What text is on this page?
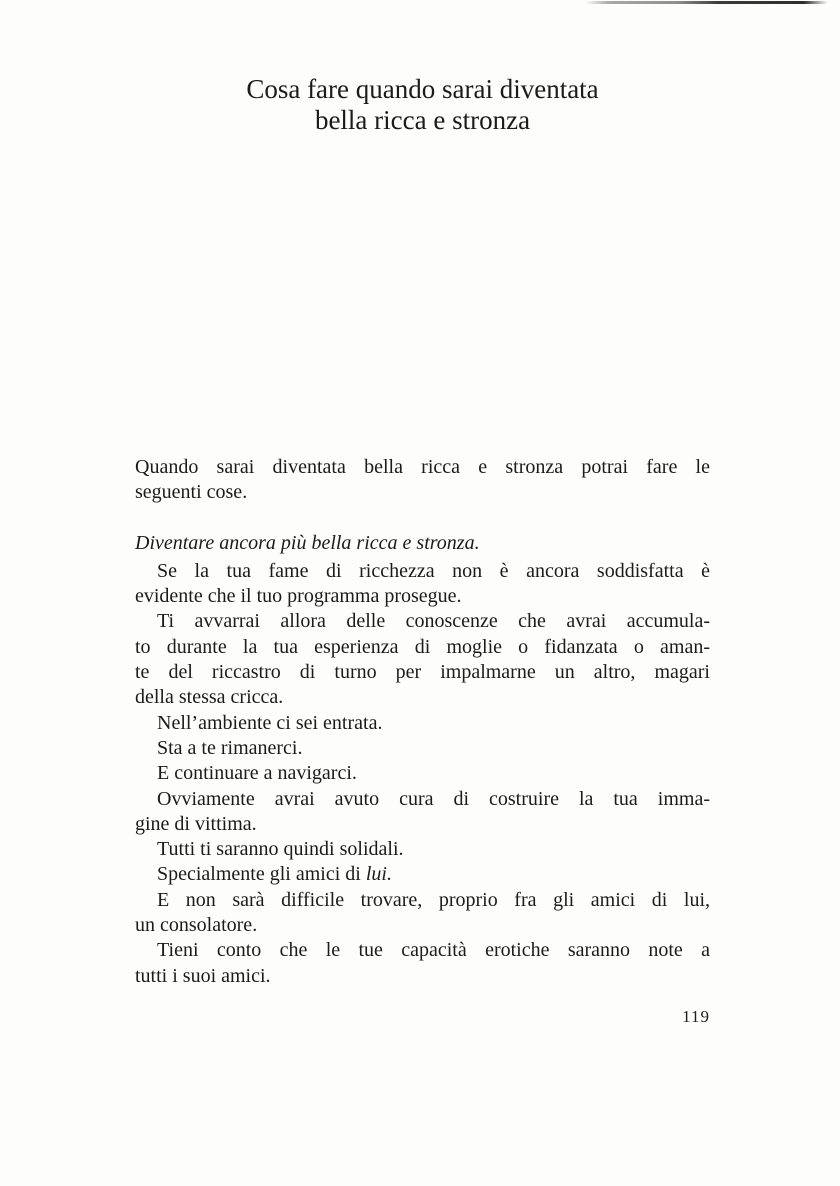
Cosa fare quando sarai diventata
bella ricca e stronza
Quando sarai diventata bella ricca e stronza potrai fare le
seguenti cose.
Diventare ancora più bella ricca e stronza.
Se la tua fame di ricchezza non è ancora soddisfatta è
evidente che il tuo programma prosegue.
Ti avvarrai allora delle conoscenze che avrai accumula-
to durante la tua esperienza di moglie o fidanzata o aman-
te del riccastro di turno per impalmarne un altro, magari
della stessa cricca.
Nell’ambiente ci sei entrata.
Sta a te rimanerci.
E continuare a navigarci.
Ovviamente avrai avuto cura di costruire la tua imma-
gine di vittima.
Tutti ti saranno quindi solidali.
Specialmente gli amici di lui.
E non sarà difficile trovare, proprio fra gli amici di lui,
un consolatore.
Tieni conto che le tue capacità erotiche saranno note a
tutti i suoi amici.
119
